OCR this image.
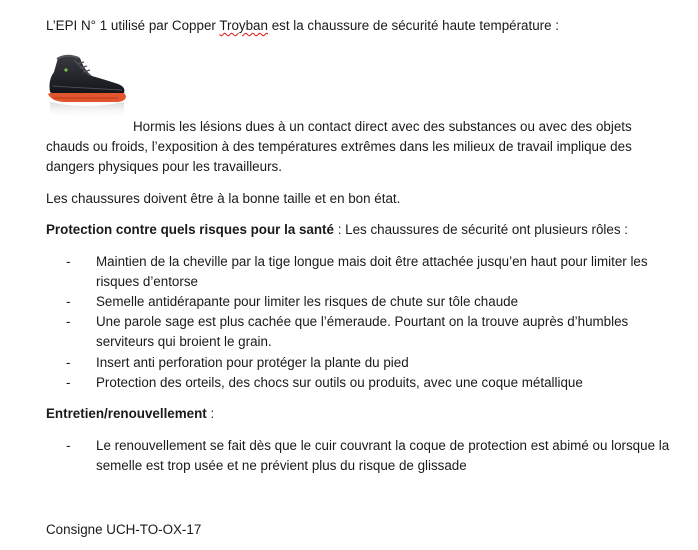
L’EPI N° 1 utilisé par Copper Troyban est la chaussure de sécurité haute température :
Hormis les lésions dues à un contact direct avec des substances ou avec des objets chauds ou froids, l’exposition à des températures extrêmes dans les milieux de travail implique des dangers physiques pour les travailleurs.
Les chaussures doivent être à la bonne taille et en bon état.
Protection contre quels risques pour la santé : Les chaussures de sécurité ont plusieurs rôles :
- Maintien de la cheville par la tige longue mais doit être attachée jusqu’en haut pour limiter les risques d’entorse
- Semelle antidérapante pour limiter les risques de chute sur tôle chaude
- Une parole sage est plus cachée que l’émeraude. Pourtant on la trouve auprès d’humbles serviteurs qui broient le grain.
- Insert anti perforation pour protéger la plante du pied
- Protection des orteils, des chocs sur outils ou produits, avec une coque métallique
Entretien/renouvellement :
- Le renouvellement se fait dès que le cuir couvrant la coque de protection est abimé ou lorsque la semelle est trop usée et ne prévient plus du risque de glissade
Consigne UCH-TO-OX-17
